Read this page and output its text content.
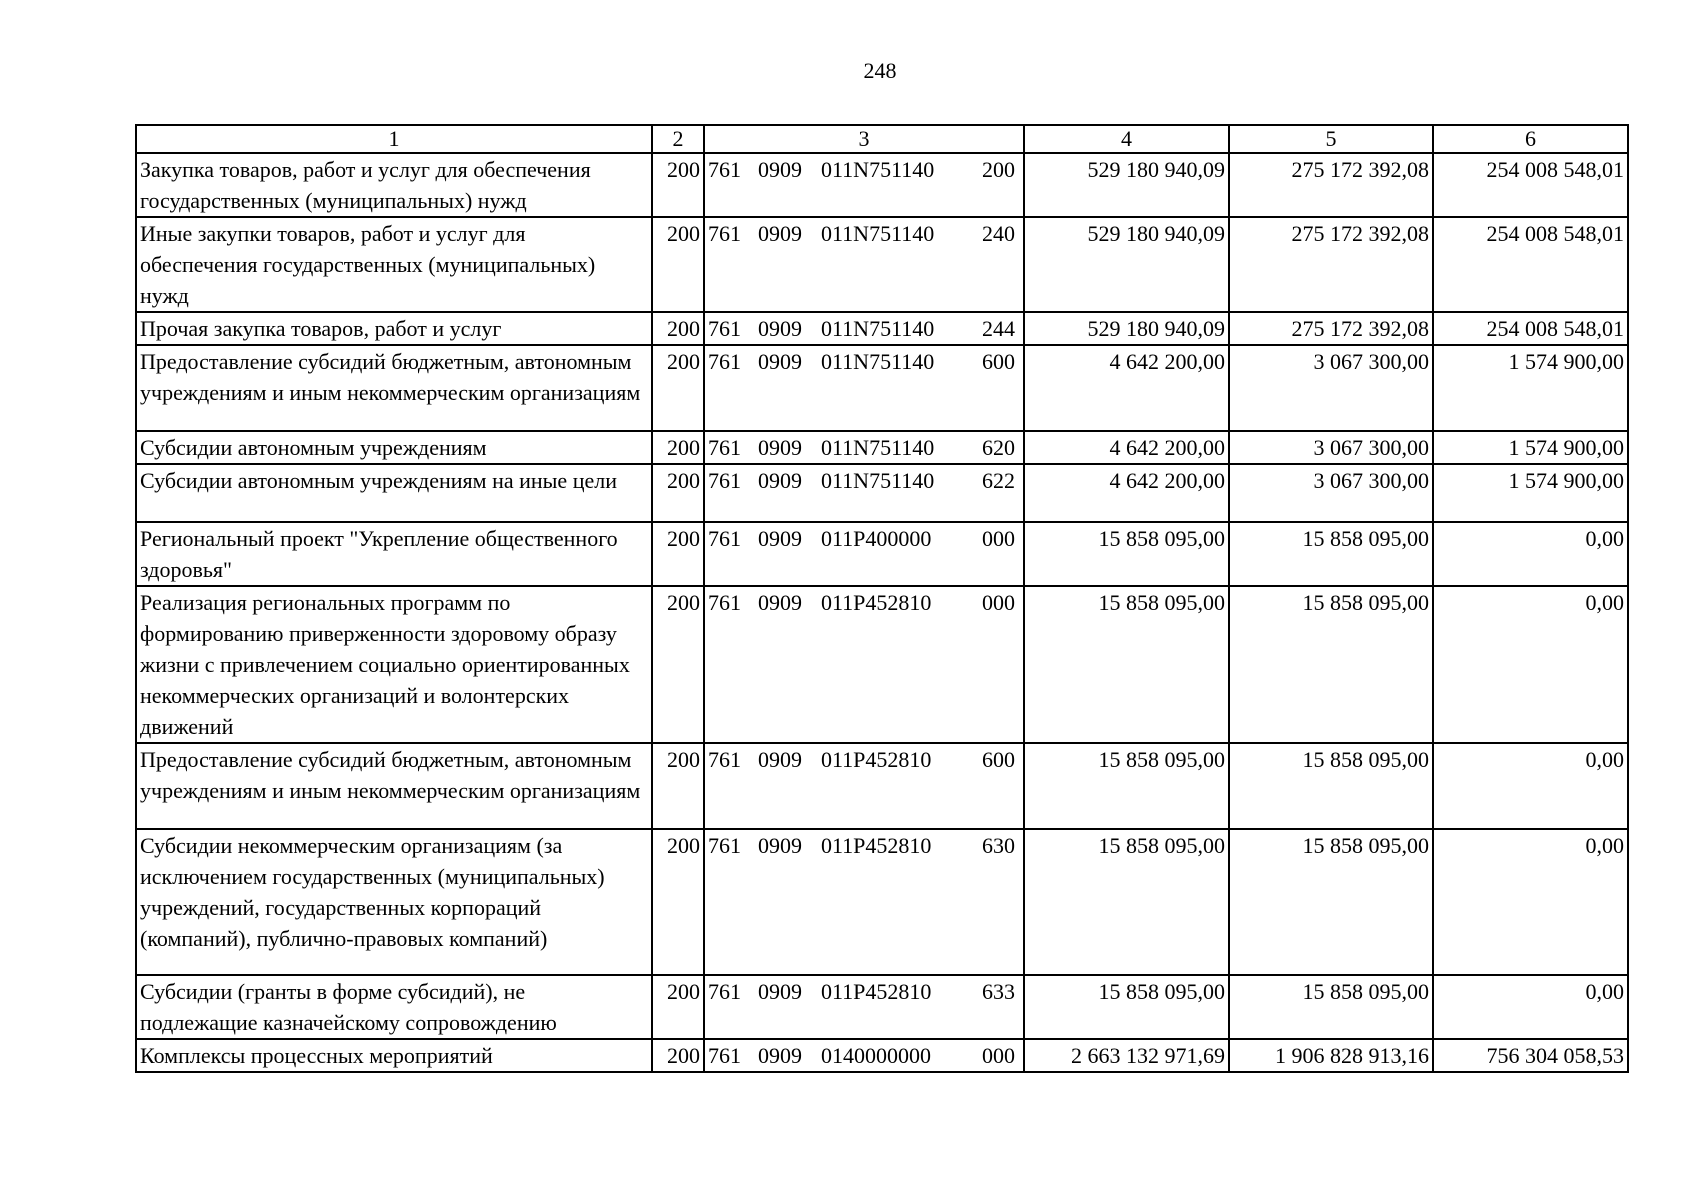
248
1	2	3	4	5	6
Закупка товаров, работ и услуг для обеспечения государственных (муниципальных) нужд	200	761 0909 011N751140 200	529 180 940,09	275 172 392,08	254 008 548,01
Иные закупки товаров, работ и услуг для обеспечения государственных (муниципальных) нужд	200	761 0909 011N751140 240	529 180 940,09	275 172 392,08	254 008 548,01
Прочая закупка товаров, работ и услуг	200	761 0909 011N751140 244	529 180 940,09	275 172 392,08	254 008 548,01
Предоставление субсидий бюджетным, автономным учреждениям и иным некоммерческим организациям	200	761 0909 011N751140 600	4 642 200,00	3 067 300,00	1 574 900,00
Субсидии автономным учреждениям	200	761 0909 011N751140 620	4 642 200,00	3 067 300,00	1 574 900,00
Субсидии автономным учреждениям на иные цели	200	761 0909 011N751140 622	4 642 200,00	3 067 300,00	1 574 900,00
Региональный проект "Укрепление общественного здоровья"	200	761 0909 011P400000 000	15 858 095,00	15 858 095,00	0,00
Реализация региональных программ по формированию приверженности здоровому образу жизни с привлечением социально ориентированных некоммерческих организаций и волонтерских движений	200	761 0909 011P452810 000	15 858 095,00	15 858 095,00	0,00
Предоставление субсидий бюджетным, автономным учреждениям и иным некоммерческим организациям	200	761 0909 011P452810 600	15 858 095,00	15 858 095,00	0,00
Субсидии некоммерческим организациям (за исключением государственных (муниципальных) учреждений, государственных корпораций (компаний), публично-правовых компаний)	200	761 0909 011P452810 630	15 858 095,00	15 858 095,00	0,00
Субсидии (гранты в форме субсидий), не подлежащие казначейскому сопровождению	200	761 0909 011P452810 633	15 858 095,00	15 858 095,00	0,00
Комплексы процессных мероприятий	200	761 0909 0140000000 000	2 663 132 971,69	1 906 828 913,16	756 304 058,53
